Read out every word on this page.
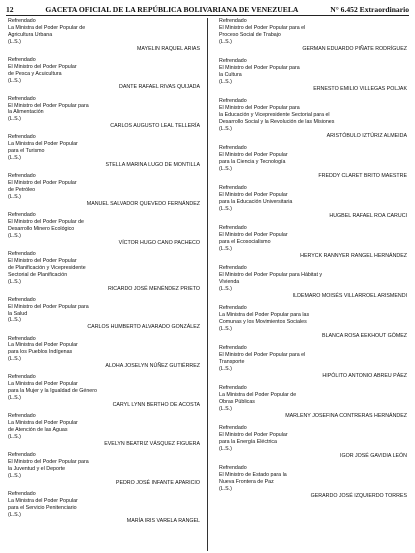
12	GACETA OFICIAL DE LA REPÚBLICA BOLIVARIANA DE VENEZUELA	N° 6.452 Extraordinario
Refrendado
La Ministra del Poder Popular de
Agricultura Urbana
(L.S.)
MAYELIN RAQUEL ARIAS
Refrendado
El Ministro del Poder Popular
de Pesca y Acuicultura
(L.S.)
DANTE RAFAEL RIVAS QUIJADA
Refrendado
El Ministro del Poder Popular para
la Alimentación
(L.S.)
CARLOS AUGUSTO LEAL TELLERÍA
Refrendado
La Ministra del Poder Popular
para el Turismo
(L.S.)
STELLA MARINA LUGO DE MONTILLA
Refrendado
El Ministro del Poder Popular
de Petróleo
(L.S.)
MANUEL SALVADOR QUEVEDO FERNÁNDEZ
Refrendado
El Ministro del Poder Popular de
Desarrollo Minero Ecológico
(L.S.)
VÍCTOR HUGO CANO PACHECO
Refrendado
El Ministro del Poder Popular
de Planificación y Vicepresidente
Sectorial de Planificación
(L.S.)
RICARDO JOSÉ MENÉNDEZ PRIETO
Refrendado
El Ministro del Poder Popular para
la Salud
(L.S.)
CARLOS HUMBERTO ALVARADO GONZÁLEZ
Refrendado
La Ministra del Poder Popular
para los Pueblos Indígenas
(L.S.)
ALOHA JOSELYN NÚÑEZ GUTIÉRREZ
Refrendado
La Ministra del Poder Popular
para la Mujer y la Igualdad de Género
(L.S.)
CARYL LYNN BERTHO DE ACOSTA
Refrendado
La Ministra del Poder Popular
de Atención de las Aguas
(L.S.)
EVELYN BEATRIZ VÁSQUEZ FIGUERA
Refrendado
El Ministro del Poder Popular para
la Juventud y el Deporte
(L.S.)
PEDRO JOSÉ INFANTE APARICIO
Refrendado
La Ministra del Poder Popular
para el Servicio Penitenciario
(L.S.)
MARÍA IRIS VARELA RANGEL
Refrendado
El Ministro del Poder Popular para el
Proceso Social de Trabajo
(L.S.)
GERMAN EDUARDO PIÑATE RODRÍGUEZ
Refrendado
El Ministro del Poder Popular para
la Cultura
(L.S.)
ERNESTO EMILIO VILLEGAS POLJAK
Refrendado
El Ministro del Poder Popular para
la Educación y Vicepresidente Sectorial para el
Desarrollo Social y la Revolución de las Misiones
(L.S.)
ARISTÓBULO IZTÚRIZ ALMEIDA
Refrendado
El Ministro del Poder Popular
para la Ciencia y Tecnología
(L.S.)
FREDDY CLARET BRITO MAESTRE
Refrendado
El Ministro del Poder Popular
para la Educación Universitaria
(L.S.)
HUGBEL RAFAEL ROA CARUCI
Refrendado
El Ministro del Poder Popular
para el Ecosocialismo
(L.S.)
HERYCK RANNYER RANGEL HERNÁNDEZ
Refrendado
El Ministro del Poder Popular para Hábitat y
Vivienda
(L.S.)
ILDEMARO MOISÉS VILLARROEL ARISMENDI
Refrendado
La Ministra del Poder Popular para las
Comunas y los Movimientos Sociales
(L.S.)
BLANCA ROSA EEKHOUT GÓMEZ
Refrendado
El Ministro del Poder Popular para el
Transporte
(L.S.)
HIPÓLITO ANTONIO ABREU PÁEZ
Refrendado
La Ministra del Poder Popular de
Obras Públicas
(L.S.)
MARLENY JOSEFINA CONTRERAS HERNÁNDEZ
Refrendado
El Ministro del Poder Popular
para la Energía Eléctrica
(L.S.)
IGOR JOSÉ GAVIDIA LEÓN
Refrendado
El Ministro de Estado para la
Nueva Frontera de Paz
(L.S.)
GERARDO JOSÉ IZQUIERDO TORRES
